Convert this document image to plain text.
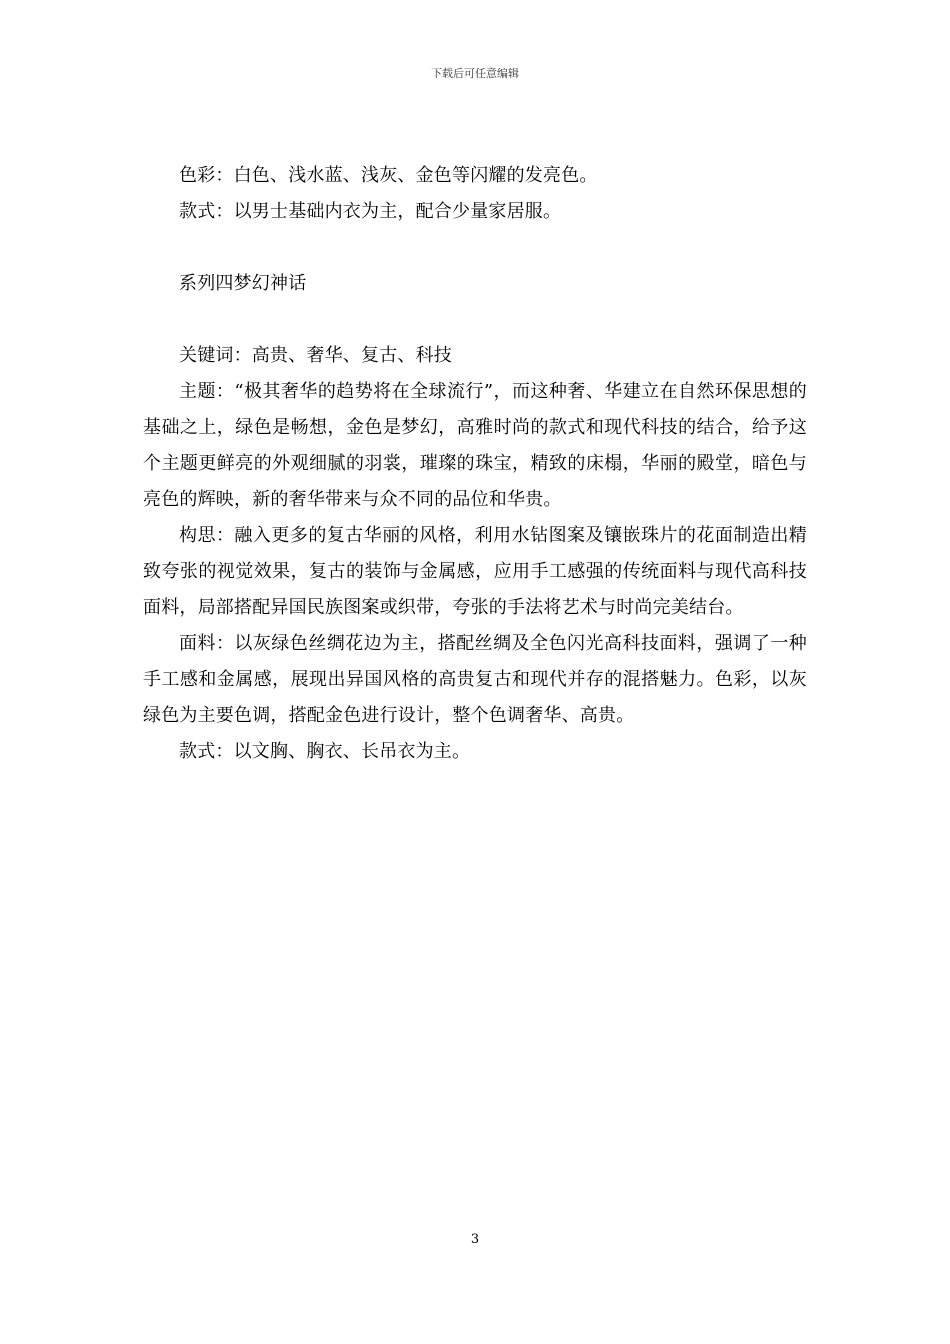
下载后可任意编辑

色彩：白色、浅水蓝、浅灰、金色等闪耀的发亮色。

款式：以男士基础内衣为主，配合少量家居服。

系列四梦幻神话

关键词：高贵、奢华、复古、科技

主题：“极其奢华的趋势将在全球流行”，而这种奢、华建立在自然环保思想的基础之上，绿色是畅想，金色是梦幻，高雅时尚的款式和现代科技的结合，给予这个主题更鲜亮的外观细腻的羽裳，璀璨的珠宝，精致的床榻，华丽的殿堂，暗色与亮色的辉映，新的奢华带来与众不同的品位和华贵。

构思：融入更多的复古华丽的风格，利用水钻图案及镶嵌珠片的花面制造出精致夸张的视觉效果，复古的装饰与金属感，应用手工感强的传统面料与现代高科技面料，局部搭配异国民族图案或织带，夸张的手法将艺术与时尚完美结台。

面料：以灰绿色丝绸花边为主，搭配丝绸及全色闪光高科技面料，强调了一种手工感和金属感，展现出异国风格的高贵复古和现代并存的混搭魅力。色彩，以灰绿色为主要色调，搭配金色进行设计，整个色调奢华、高贵。

款式：以文胸、胸衣、长吊衣为主。

3
